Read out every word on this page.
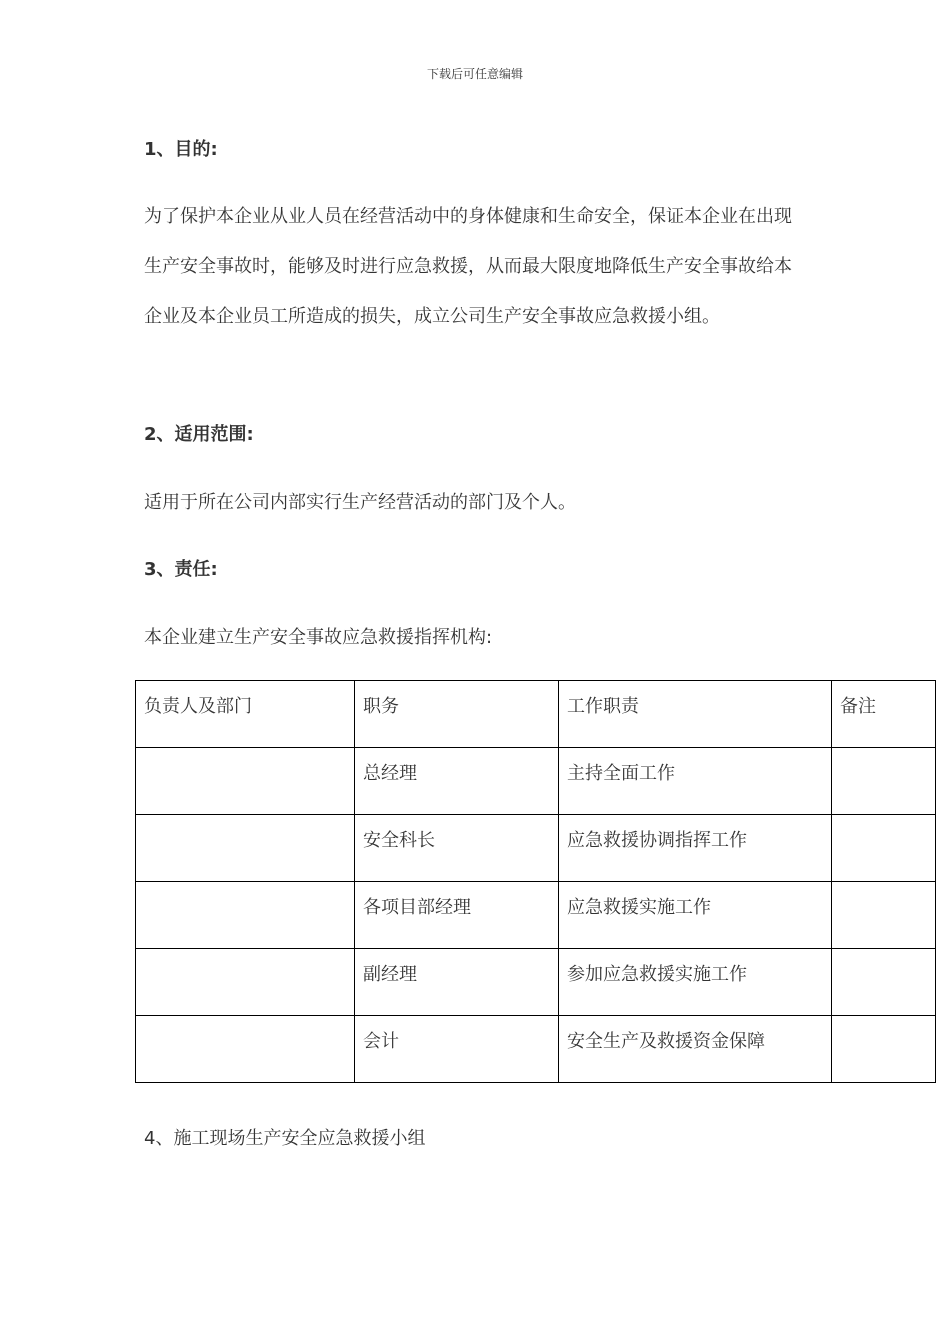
下载后可任意编辑
1、目的:
为了保护本企业从业人员在经营活动中的身体健康和生命安全，保证本企业在出现生产安全事故时，能够及时进行应急救援，从而最大限度地降低生产安全事故给本企业及本企业员工所造成的损失，成立公司生产安全事故应急救援小组。
2、适用范围:
适用于所在公司内部实行生产经营活动的部门及个人。
3、责任:
本企业建立生产安全事故应急救援指挥机构:
负责人及部门	职务	工作职责	备注
	总经理	主持全面工作	
	安全科长	应急救援协调指挥工作	
	各项目部经理	应急救援实施工作	
	副经理	参加应急救援实施工作	
	会计	安全生产及救援资金保障	
4、施工现场生产安全应急救援小组
